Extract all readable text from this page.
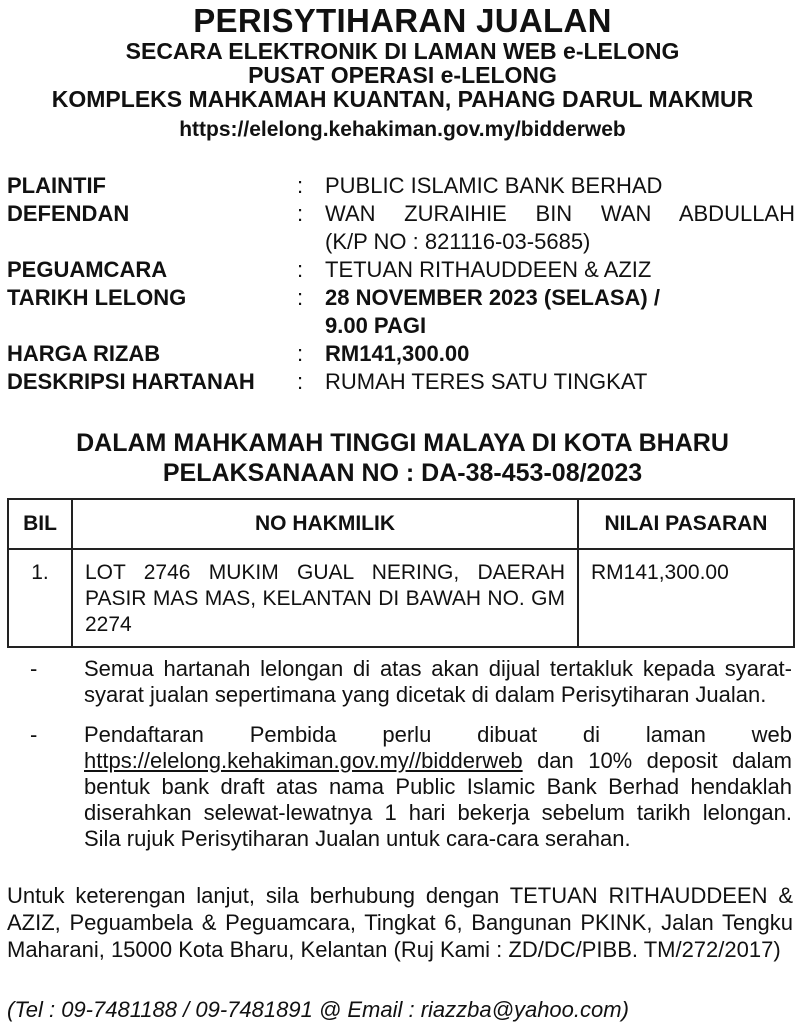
PERISYTIHARAN JUALAN

SECARA ELEKTRONIK DI LAMAN WEB e-LELONG

PUSAT OPERASI e-LELONG

KOMPLEKS MAHKAMAH KUANTAN, PAHANG DARUL MAKMUR

https://elelong.kehakiman.gov.my/bidderweb

PLAINTIF	: PUBLIC ISLAMIC BANK BERHAD
DEFENDAN	: WAN ZURAIHIE BIN WAN ABDULLAH
(K/P NO : 821116-03-5685)
PEGUAMCARA	: TETUAN RITHAUDDEEN & AZIZ
TARIKH LELONG	: 28 NOVEMBER 2023 (SELASA) /
9.00 PAGI
HARGA RIZAB	: RM141,300.00
DESKRIPSI HARTANAH	: RUMAH TERES SATU TINGKAT
DALAM MAHKAMAH TINGGI MALAYA DI KOTA BHARU
PELAKSANAAN NO : DA-38-453-08/2023
BIL	NO HAKMILIK	NILAI PASARAN
1.	LOT 2746 MUKIM GUAL NERING, DAERAH PASIR MAS MAS, KELANTAN DI BAWAH NO. GM 2274	RM141,300.00
-	Semua hartanah lelongan di atas akan dijual tertakluk kepada syarat-syarat jualan sepertimana yang dicetak di dalam Perisytiharan Jualan.
-	Pendaftaran Pembida perlu dibuat di laman web https://elelong.kehakiman.gov.my//bidderweb dan 10% deposit dalam bentuk bank draft atas nama Public Islamic Bank Berhad hendaklah diserahkan selewat-lewatnya 1 hari bekerja sebelum tarikh lelongan. Sila rujuk Perisytiharan Jualan untuk cara-cara serahan.
Untuk keterengan lanjut, sila berhubung dengan TETUAN RITHAUDDEEN & AZIZ, Peguambela & Peguamcara, Tingkat 6, Bangunan PKINK, Jalan Tengku Maharani, 15000 Kota Bharu, Kelantan (Ruj Kami : ZD/DC/PIBB. TM/272/2017)
(Tel : 09-7481188 / 09-7481891 @ Email : riazzba@yahoo.com)
